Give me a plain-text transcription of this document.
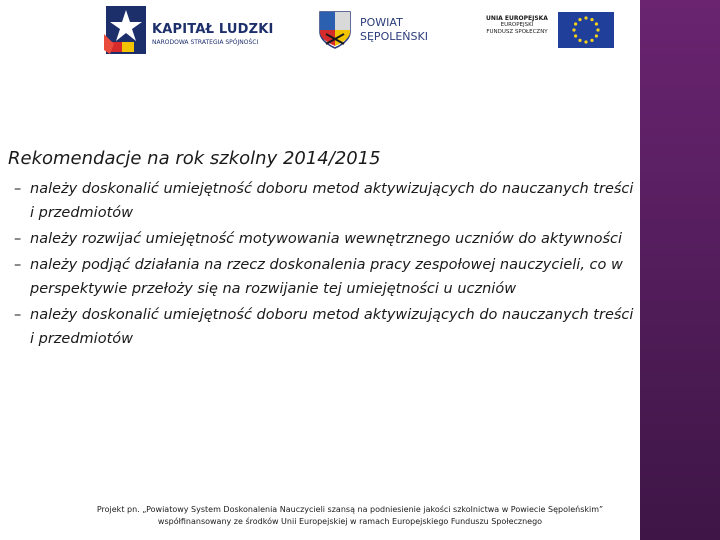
KAPITAŁ LUDZKI
NARODOWA STRATEGIA SPÓJNOŚCI
POWIAT
SĘPOLEŃSKI
UNIA EUROPEJSKA
EUROPEJSKI
FUNDUSZ SPOŁECZNY
Rekomendacje na rok szkolny 2014/2015
– należy doskonalić umiejętność doboru metod aktywizujących do nauczanych treści i przedmiotów
– należy rozwijać umiejętność motywowania wewnętrznego uczniów do aktywności
– należy podjąć działania na rzecz doskonalenia pracy zespołowej nauczycieli, co w perspektywie przełoży się na rozwijanie tej umiejętności u uczniów
– należy doskonalić umiejętność doboru metod aktywizujących do nauczanych treści i przedmiotów
Projekt pn. „Powiatowy System Doskonalenia Nauczycieli szansą na podniesienie jakości szkolnictwa w Powiecie Sępoleńskim”
współfinansowany ze środków Unii Europejskiej w ramach Europejskiego Funduszu Społecznego
